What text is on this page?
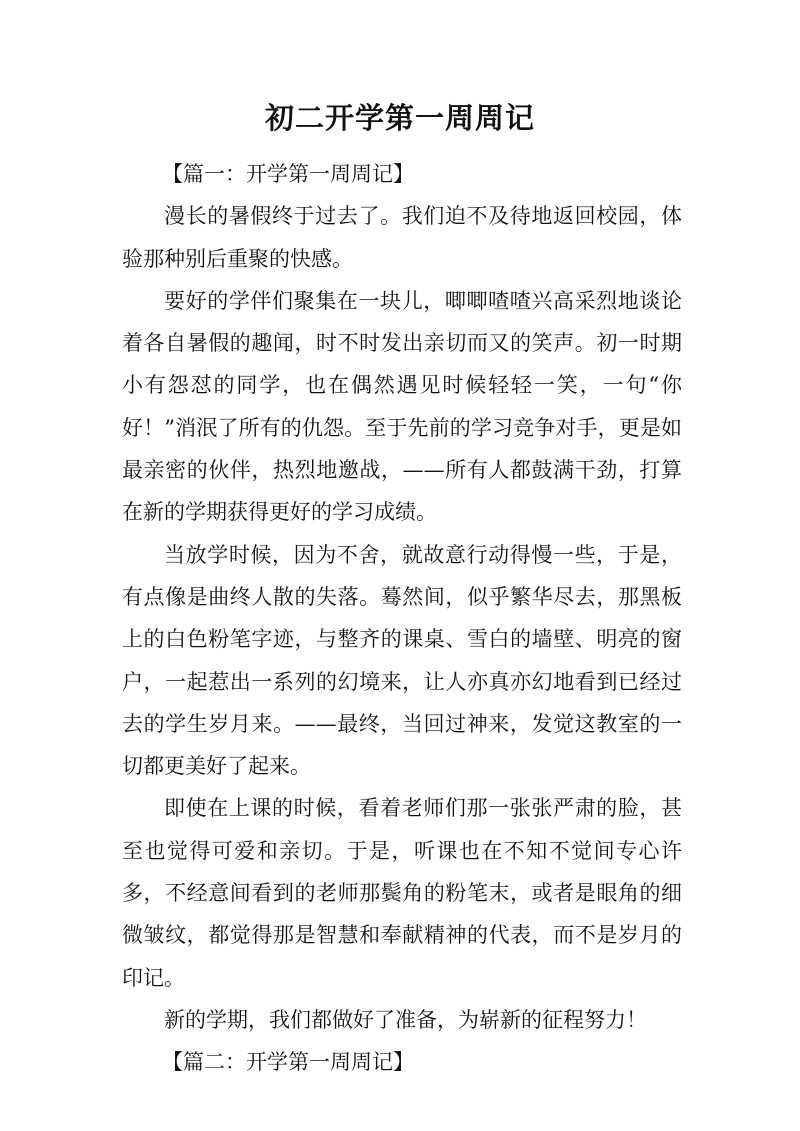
初二开学第一周周记

【篇一：开学第一周周记】

漫长的暑假终于过去了。我们迫不及待地返回校园，体验那种别后重聚的快感。

要好的学伴们聚集在一块儿，唧唧喳喳兴高采烈地谈论着各自暑假的趣闻，时不时发出亲切而又的笑声。初一时期小有怨怼的同学，也在偶然遇见时候轻轻一笑，一句“你好！”消泯了所有的仇怨。至于先前的学习竞争对手，更是如最亲密的伙伴，热烈地邀战，——所有人都鼓满干劲，打算在新的学期获得更好的学习成绩。

当放学时候，因为不舍，就故意行动得慢一些，于是，有点像是曲终人散的失落。蓦然间，似乎繁华尽去，那黑板上的白色粉笔字迹，与整齐的课桌、雪白的墙壁、明亮的窗户，一起惹出一系列的幻境来，让人亦真亦幻地看到已经过去的学生岁月来。——最终，当回过神来，发觉这教室的一切都更美好了起来。

即使在上课的时候，看着老师们那一张张严肃的脸，甚至也觉得可爱和亲切。于是，听课也在不知不觉间专心许多，不经意间看到的老师那鬓角的粉笔末，或者是眼角的细微皱纹，都觉得那是智慧和奉献精神的代表，而不是岁月的印记。

新的学期，我们都做好了准备，为崭新的征程努力！

【篇二：开学第一周周记】
